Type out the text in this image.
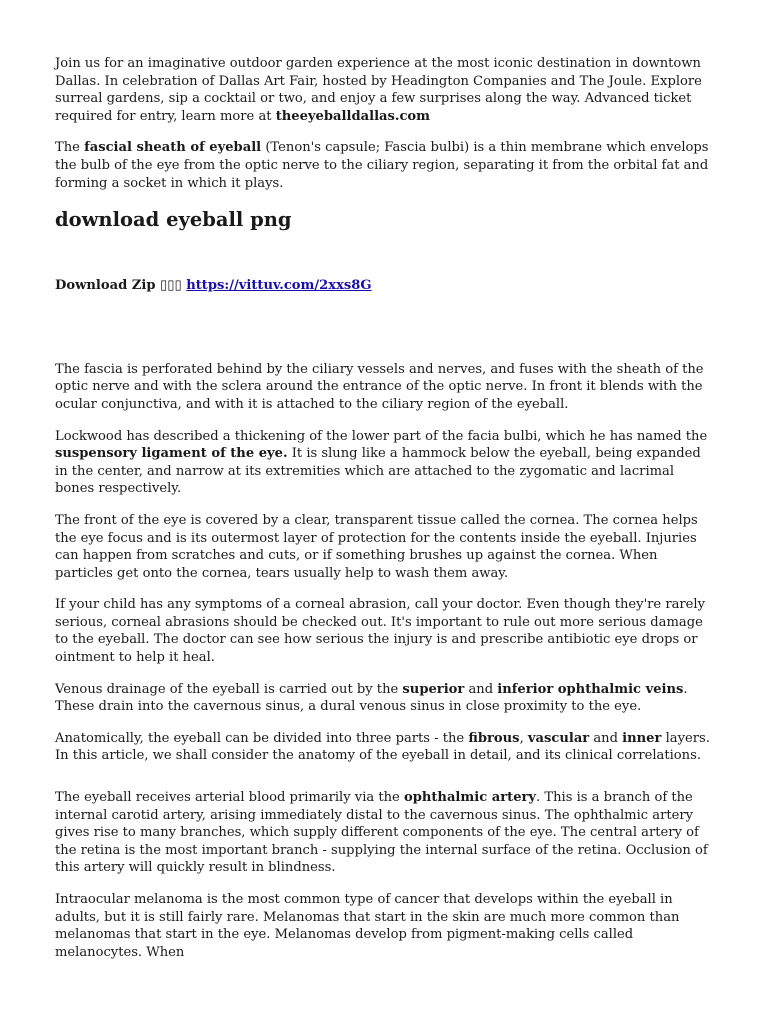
Join us for an imaginative outdoor garden experience at the most iconic destination in downtown Dallas. In celebration of Dallas Art Fair, hosted by Headington Companies and The Joule. Explore surreal gardens, sip a cocktail or two, and enjoy a few surprises along the way. Advanced ticket required for entry, learn more at theeyeballdallas.com

The fascial sheath of eyeball (Tenon's capsule; Fascia bulbi) is a thin membrane which envelops the bulb of the eye from the optic nerve to the ciliary region, separating it from the orbital fat and forming a socket in which it plays.

download eyeball png

Download Zip ▯▯▯ https://vittuv.com/2xxs8G

The fascia is perforated behind by the ciliary vessels and nerves, and fuses with the sheath of the optic nerve and with the sclera around the entrance of the optic nerve. In front it blends with the ocular conjunctiva, and with it is attached to the ciliary region of the eyeball.

Lockwood has described a thickening of the lower part of the facia bulbi, which he has named the suspensory ligament of the eye. It is slung like a hammock below the eyeball, being expanded in the center, and narrow at its extremities which are attached to the zygomatic and lacrimal bones respectively.

The front of the eye is covered by a clear, transparent tissue called the cornea. The cornea helps the eye focus and is its outermost layer of protection for the contents inside the eyeball. Injuries can happen from scratches and cuts, or if something brushes up against the cornea. When particles get onto the cornea, tears usually help to wash them away.

If your child has any symptoms of a corneal abrasion, call your doctor. Even though they're rarely serious, corneal abrasions should be checked out. It's important to rule out more serious damage to the eyeball. The doctor can see how serious the injury is and prescribe antibiotic eye drops or ointment to help it heal.

Venous drainage of the eyeball is carried out by the superior and inferior ophthalmic veins. These drain into the cavernous sinus, a dural venous sinus in close proximity to the eye.

Anatomically, the eyeball can be divided into three parts - the fibrous, vascular and inner layers. In this article, we shall consider the anatomy of the eyeball in detail, and its clinical correlations.

The eyeball receives arterial blood primarily via the ophthalmic artery. This is a branch of the internal carotid artery, arising immediately distal to the cavernous sinus. The ophthalmic artery gives rise to many branches, which supply different components of the eye. The central artery of the retina is the most important branch - supplying the internal surface of the retina. Occlusion of this artery will quickly result in blindness.

Intraocular melanoma is the most common type of cancer that develops within the eyeball in adults, but it is still fairly rare. Melanomas that start in the skin are much more common than melanomas that start in the eye. Melanomas develop from pigment-making cells called melanocytes. When
